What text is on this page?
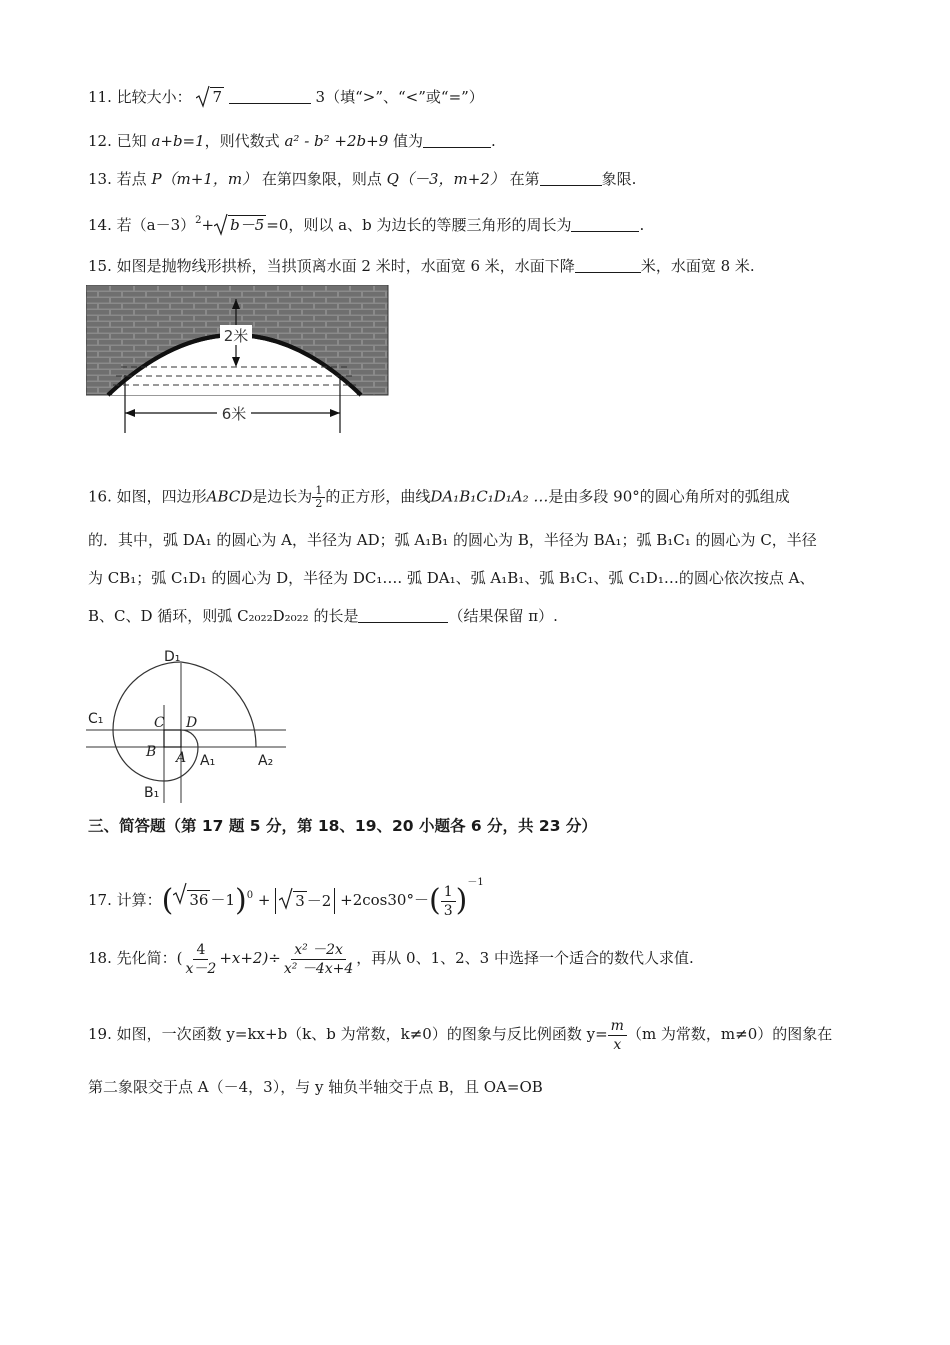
11. 比较大小： 7	3（填“>”、“<”或“=”）
12. 已知 a+b=1，则代数式 a² - b² +2b+9 值为	.
13. 若点 P（m+1，m） 在第四象限，则点 Q（－3，m+2） 在第	象限.
14. 若$(a-3)^2+ b-5 =0$，则以 a、b 为边长的等腰三角形的周长为	.
15. 如图是抛物线形拱桥，当拱顶离水面 2 米时，水面宽 6 米，水面下降	米，水面宽 8 米.
2米
6米
16. 如图，四边形ABCD是边长为 $\frac{1}{2}$ 的正方形，曲线DA₁B₁C₁D₁A₂ …是由多段 90°的圆心角所对的弧组成
的．其中，弧 DA₁ 的圆心为 A，半径为 AD；弧 A₁B₁ 的圆心为 B，半径为 BA₁；弧 B₁C₁ 的圆心为 C，半径
为 CB₁；弧 C₁D₁ 的圆心为 D，半径为 DC₁…. 弧 DA₁、弧 A₁B₁、弧 B₁C₁、弧 C₁D₁…的圆心依次按点 A、
B、C、D 循环，则弧 C₂₀₂₂D₂₀₂₂ 的长是	（结果保留 π）.
D₁
C₁	C D
B A A₁	A₂
B₁
三、简答题（第 17 题 5 分，第 18、19、20 小题各 6 分，共 23 分）
17. 计算：( $36 -1)^0 + 3 -2 +2\cos 30^\circ-( \frac{1}{3} )^{-1}$
18. 先化简：( $\frac{4}{x-2} +x+2)\div \frac{\text{x² －2x}}{\text{x² －4x+4}}$ ，再从 0、1、2、3 中选择一个适合的数代人求值.
19. 如图，一次函数 y=kx+b（k、b 为常数，k≠0）的图象与反比例函数 $y= \frac{m}{x} (m$ 为常数，m≠0）的图象在
第二象限交于点 A（－4，3），与 y 轴负半轴交于点 B，且 OA=OB
